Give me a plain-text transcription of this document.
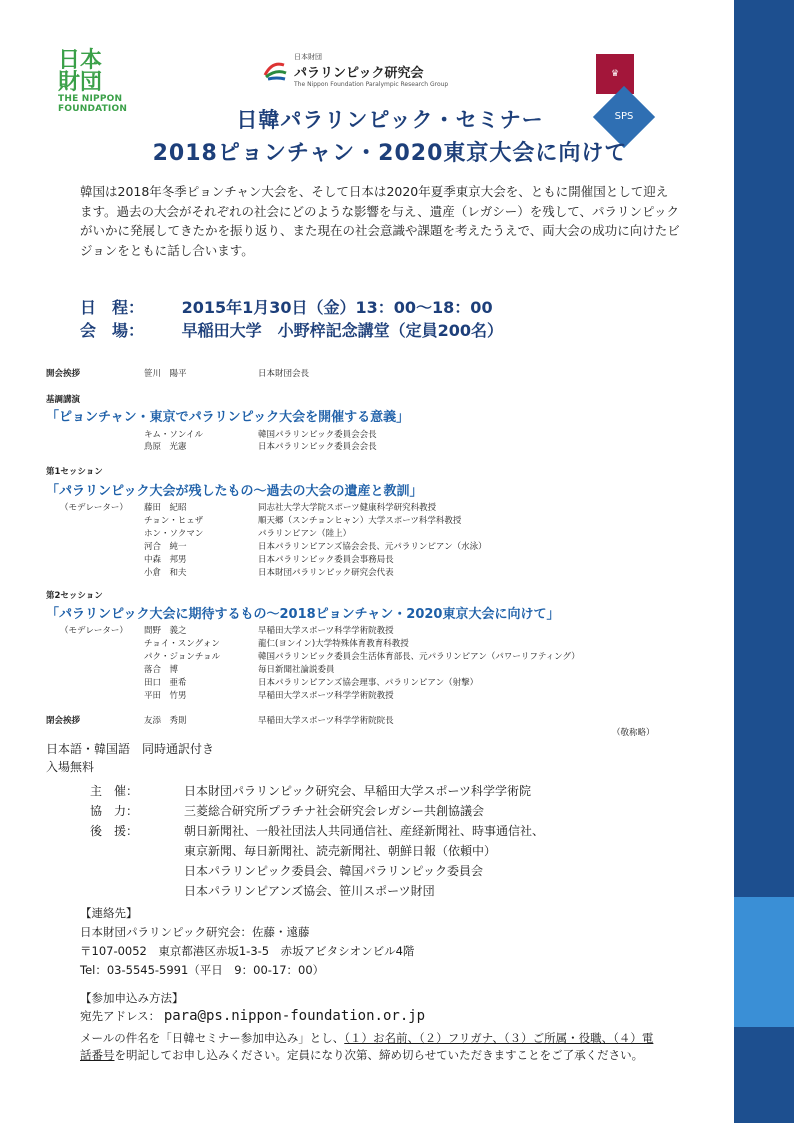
日本
財団
THE NIPPON
FOUNDATION
日本財団
パラリンピック研究会
The Nippon Foundation Paralympic Research Group
♛
SPS
日韓パラリンピック・セミナー
2018ピョンチャン・2020東京大会に向けて
韓国は2018年冬季ピョンチャン大会を、そして日本は2020年夏季東京大会を、ともに開催国として迎えます。過去の大会がそれぞれの社会にどのような影響を与え、遺産（レガシー）を残して、パラリンピックがいかに発展してきたかを振り返り、また現在の社会意識や課題を考えたうえで、両大会の成功に向けたビジョンをともに話し合います。
日　程： 2015年1月30日（金）13：00〜18：00
会　場： 早稲田大学　小野梓記念講堂（定員200名）
開会挨拶	笹川　陽平	日本財団会長
基調講演
「ピョンチャン・東京でパラリンピック大会を開催する意義」
キム・ソンイル	韓国パラリンピック委員会会長
鳥原　光憲	日本パラリンピック委員会会長
第1セッション
「パラリンピック大会が残したもの〜過去の大会の遺産と教訓」
（モデレーター） 藤田　紀昭	同志社大学大学院スポーツ健康科学研究科教授
チョン・ヒェザ	順天郷（スンチョンヒャン）大学スポーツ科学科教授
ホン・ソクマン	パラリンピアン（陸上）
河合　純一	日本パラリンピアンズ協会会長、元パラリンピアン（水泳）
中森　邦男	日本パラリンピック委員会事務局長
小倉　和夫	日本財団パラリンピック研究会代表
第2セッション
「パラリンピック大会に期待するもの〜2018ピョンチャン・2020東京大会に向けて」
（モデレーター） 間野　義之	早稲田大学スポーツ科学学術院教授
チョイ・スングォン	龍仁(ヨンイン)大学特殊体育教育科教授
パク・ジョンチョル	韓国パラリンピック委員会生活体育部長、元パラリンピアン（パワーリフティング）
落合　博	毎日新聞社論説委員
田口　亜希	日本パラリンピアンズ協会理事、パラリンピアン（射撃）
平田　竹男	早稲田大学スポーツ科学学術院教授
閉会挨拶	友添　秀則	早稲田大学スポーツ科学学術院院長
（敬称略）
日本語・韓国語　同時通訳付き
入場無料
主　催：	日本財団パラリンピック研究会、早稲田大学スポーツ科学学術院
協　力：	三菱総合研究所プラチナ社会研究会レガシー共創協議会
後　援：	朝日新聞社、一般社団法人共同通信社、産経新聞社、時事通信社、
東京新聞、毎日新聞社、読売新聞社、朝鮮日報（依頼中）
日本パラリンピック委員会、韓国パラリンピック委員会
日本パラリンピアンズ協会、笹川スポーツ財団
【連絡先】
日本財団パラリンピック研究会：佐藤・遠藤
〒107-0052　東京都港区赤坂1-3-5　赤坂アビタシオンビル4階
Tel：03-5545-5991（平日　9：00-17：00）
【参加申込み方法】
宛先アドレス： para@ps.nippon-foundation.or.jp
メールの件名を「日韓セミナー参加申込み」とし、（１）お名前、（２）フリガナ、（３）ご所属・役職、（４）電話番号を明記してお申し込みください。定員になり次第、締め切らせていただきますことをご了承ください。
